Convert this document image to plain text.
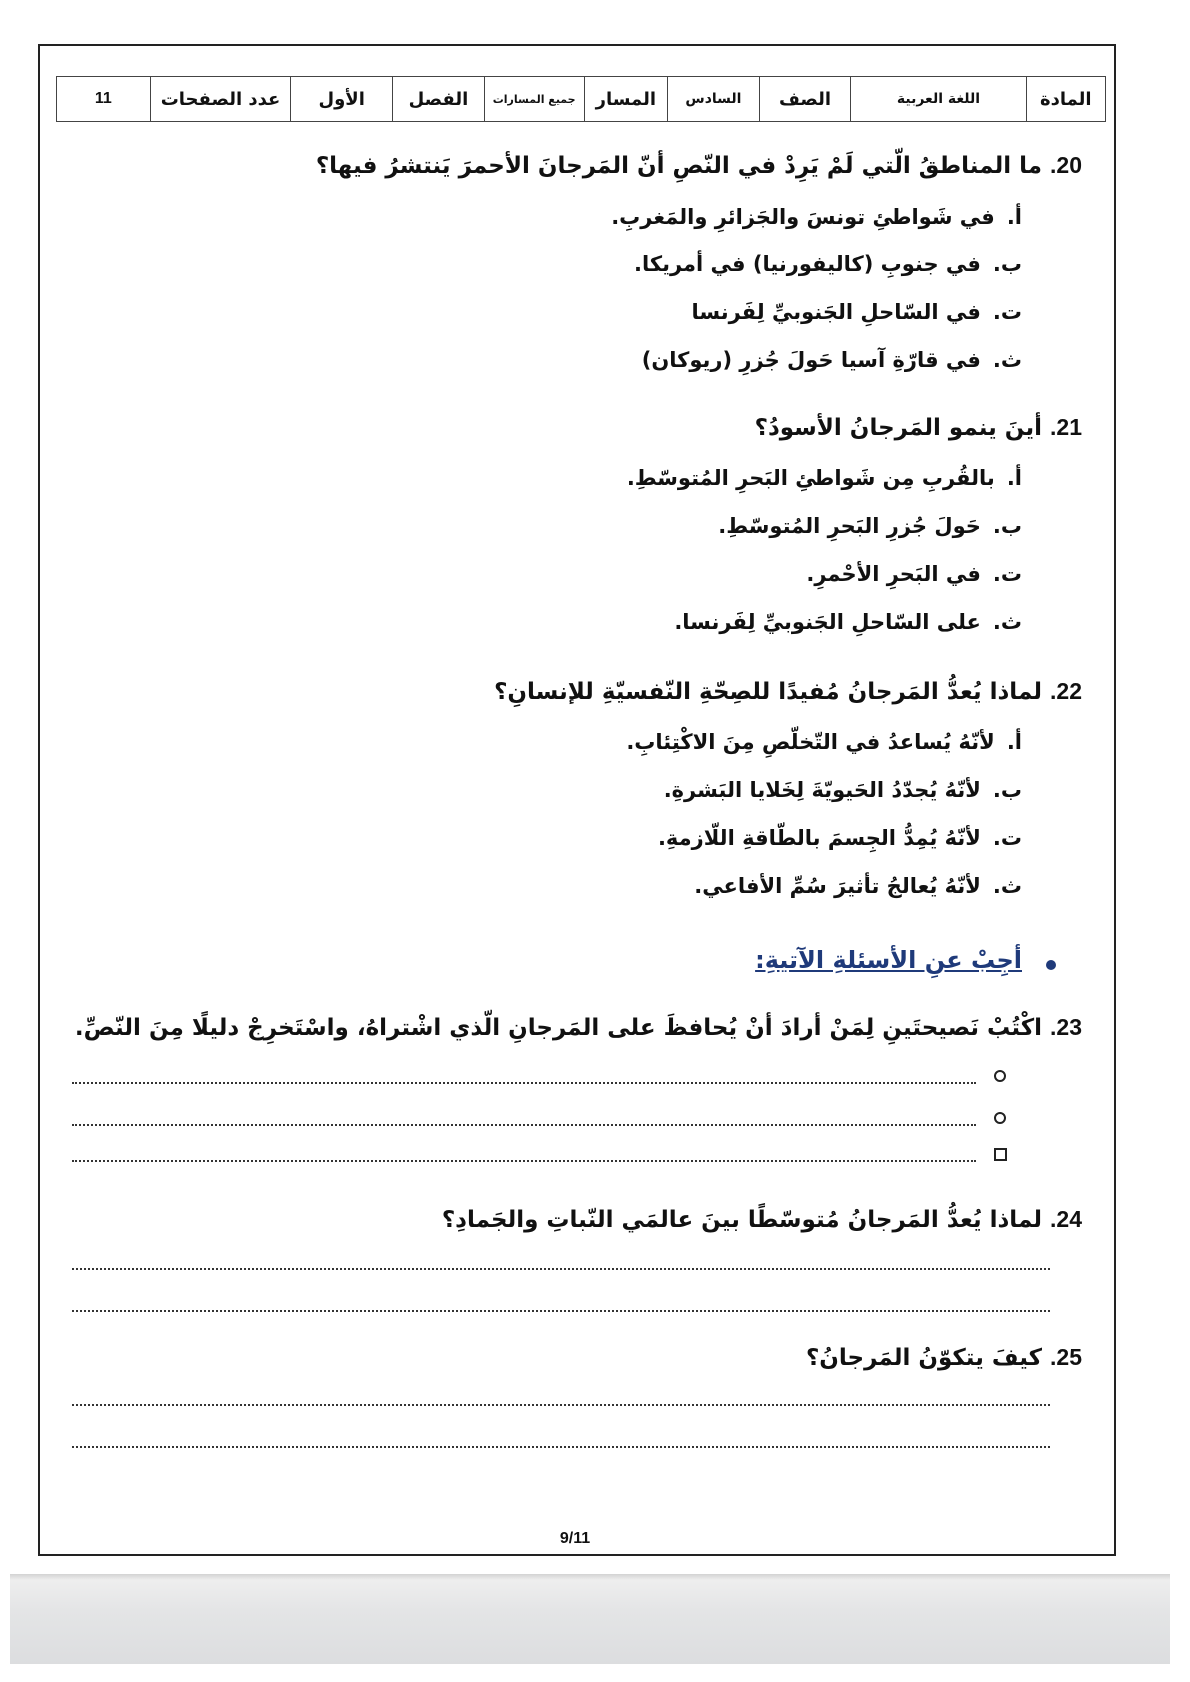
المادة	اللغة العربية	الصف	السادس	المسار	جميع المسارات	الفصل	الأول	عدد الصفحات	11
20. ما المناطقُ الّتي لَمْ يَرِدْ في النّصِ أنّ المَرجانَ الأحمرَ يَنتشرُ فيها؟
أ.في شَواطئِ تونسَ والجَزائرِ والمَغربِ.
ب.في جنوبِ (كاليفورنيا) في أمريكا.
ت.في السّاحلِ الجَنوبيِّ لِفَرنسا
ث.في قارّةِ آسيا حَولَ جُزرِ (ريوكان)
21. أينَ ينمو المَرجانُ الأسودُ؟
أ.بالقُربِ مِن شَواطئِ البَحرِ المُتوسّطِ.
ب.حَولَ جُزرِ البَحرِ المُتوسّطِ.
ت.في البَحرِ الأحْمرِ.
ث.على السّاحلِ الجَنوبيِّ لِفَرنسا.
22. لماذا يُعدُّ المَرجانُ مُفيدًا للصِحّةِ النّفسيّةِ للإنسانِ؟
أ.لأنّهُ يُساعدُ في التّخلّصِ مِنَ الاكْتِئابِ.
ب.لأنّهُ يُجدّدُ الحَيويّةَ لِخَلايا البَشرةِ.
ت.لأنّهُ يُمِدُّ الجِسمَ بالطّاقةِ اللّازمةِ.
ث.لأنّهُ يُعالجُ تأثيرَ سُمِّ الأفاعي.
أجِبْ عنِ الأسئلةِ الآتيةِ:
23. اكْتُبْ نَصيحتَينِ لِمَنْ أرادَ أنْ يُحافظَ على المَرجانِ الّذي اشْتراهُ، واسْتَخرِجْ دليلًا مِنَ النّصِّ.
24. لماذا يُعدُّ المَرجانُ مُتوسّطًا بينَ عالمَي النّباتِ والجَمادِ؟
25. كيفَ يتكوّنُ المَرجانُ؟
9/11
